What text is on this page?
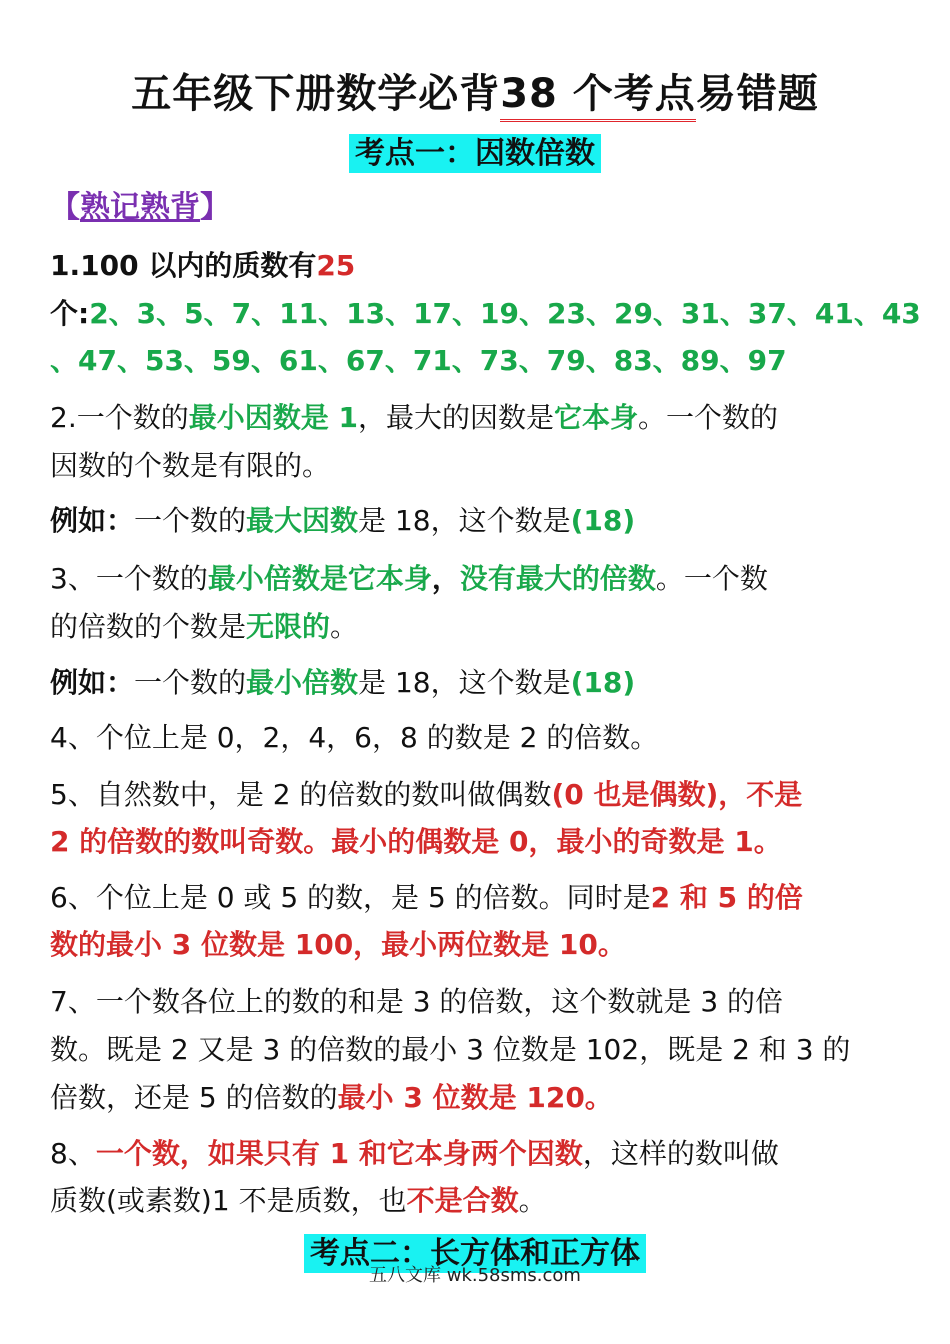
五年级下册数学必背38 个考点易错题
考点一：因数倍数
【熟记熟背】
1.100 以内的质数有25
个:2、3、5、7、11、13、17、19、23、29、31、37、41、43
、47、53、59、61、67、71、73、79、83、89、97
2.一个数的最小因数是 1，最大的因数是它本身。一个数的
因数的个数是有限的。
例如：一个数的最大因数是 18，这个数是(18)
3、一个数的最小倍数是它本身，没有最大的倍数。一个数
的倍数的个数是无限的。
例如：一个数的最小倍数是 18，这个数是(18)
4、个位上是 0，2，4，6，8 的数是 2 的倍数。
5、自然数中，是 2 的倍数的数叫做偶数(0 也是偶数)，不是
2 的倍数的数叫奇数。最小的偶数是 0，最小的奇数是 1。
6、个位上是 0 或 5 的数，是 5 的倍数。同时是2 和 5 的倍
数的最小 3 位数是 100，最小两位数是 10。
7、一个数各位上的数的和是 3 的倍数，这个数就是 3 的倍
数。既是 2 又是 3 的倍数的最小 3 位数是 102，既是 2 和 3 的
倍数，还是 5 的倍数的最小 3 位数是 120。
8、一个数，如果只有 1 和它本身两个因数，这样的数叫做
质数(或素数)1 不是质数，也不是合数。
考点二：长方体和正方体
五八文库 wk.58sms.com
